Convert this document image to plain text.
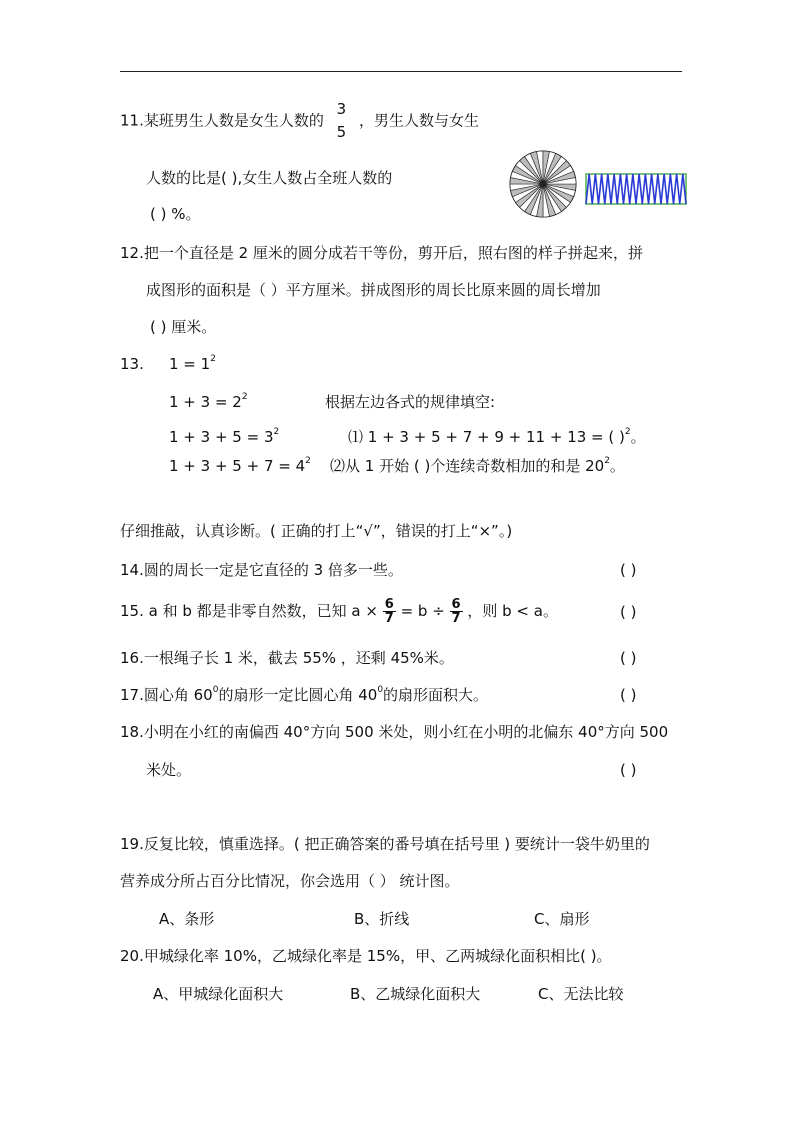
11.某班男生人数是女生人数的
3
5
，男生人数与女生
人数的比是( ),女生人数占全班人数的
( ) %。
12.把一个直径是 2 厘米的圆分成若干等份，剪开后，照右图的样子拼起来，拼
成图形的面积是（ ）平方厘米。拼成图形的周长比原来圆的周长增加
( ) 厘米。
13. $1 = 1^2$
$1 + 3 = 2^2$	根据左边各式的规律填空:
$1 + 3 + 5 = 3^2$	⑴ 1 + 3 + 5 + 7 + 9 + 11 + 13 = ( )$^2$。
$1 + 3 + 5 + 7 = 4^2$ ⑵从 1 开始 ( )个连续奇数相加的和是 $20^2$。
仔细推敲，认真诊断。( 正确的打上“√”，错误的打上“×”。)
14.圆的周长一定是它直径的 3 倍多一些。	( )
15. a 和 b 都是非零自然数，已知 $a \times \frac{6}{7} = b \div \frac{6}{7}$ ，则 b < a。	( )
16.一根绳子长 1 米，截去 55% ，还剩 45%米。	( )
17.圆心角 $60^0$的扇形一定比圆心角 $40^0$的扇形面积大。	( )
18.小明在小红的南偏西 40°方向 500 米处，则小红在小明的北偏东 40°方向 500
米处。	( )
19.反复比较，慎重选择。( 把正确答案的番号填在括号里 ) 要统计一袋牛奶里的
营养成分所占百分比情况，你会选用（ ） 统计图。
A、条形	B、折线	C、扇形
20.甲城绿化率 10%，乙城绿化率是 15%，甲、乙两城绿化面积相比( )。
A、甲城绿化面积大	B、乙城绿化面积大	C、无法比较
